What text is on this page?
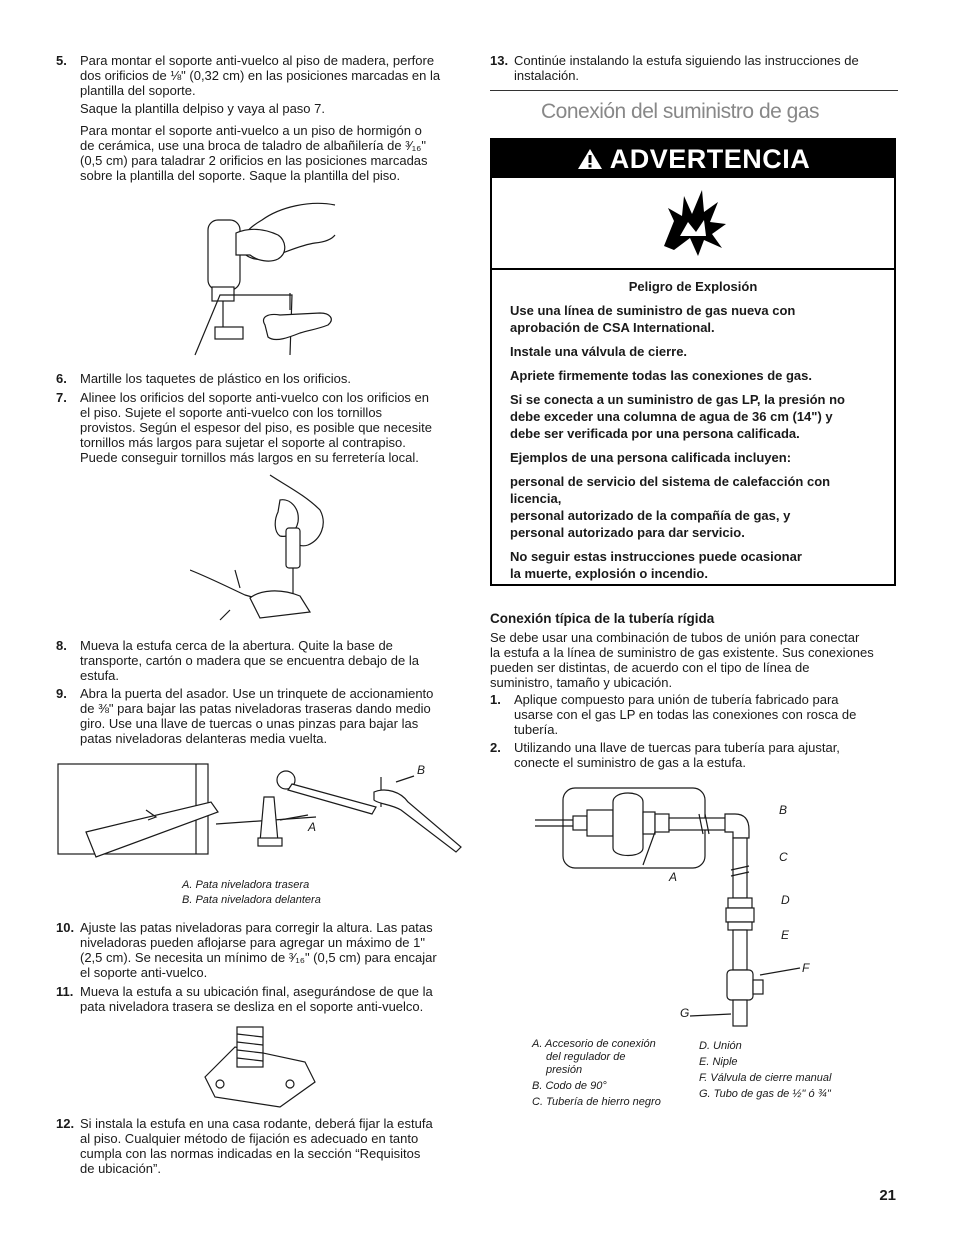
5. Para montar el soporte anti-vuelco al piso de madera, perfore
dos orificios de ⅛" (0,32 cm) en las posiciones marcadas en la
plantilla del soporte.
Saque la plantilla delpiso y vaya al paso 7.
Para montar el soporte anti-vuelco a un piso de hormigón o
de cerámica, use una broca de taladro de albañilería de ³⁄₁₆"
(0,5 cm) para taladrar 2 orificios en las posiciones marcadas
sobre la plantilla del soporte. Saque la plantilla del piso.
6. Martille los taquetes de plástico en los orificios.
7. Alinee los orificios del soporte anti-vuelco con los orificios en
el piso. Sujete el soporte anti-vuelco con los tornillos
provistos. Según el espesor del piso, es posible que necesite
tornillos más largos para sujetar el soporte al contrapiso.
Puede conseguir tornillos más largos en su ferretería local.
8. Mueva la estufa cerca de la abertura. Quite la base de
transporte, cartón o madera que se encuentra debajo de la
estufa.
9. Abra la puerta del asador. Use un trinquete de accionamiento
de ⅜" para bajar las patas niveladoras traseras dando medio
giro. Use una llave de tuercas o unas pinzas para bajar las
patas niveladoras delanteras media vuelta.
B
A
A. Pata niveladora trasera
B. Pata niveladora delantera
10. Ajuste las patas niveladoras para corregir la altura. Las patas
niveladoras pueden aflojarse para agregar un máximo de 1"
(2,5 cm). Se necesita un mínimo de ³⁄₁₆" (0,5 cm) para encajar
el soporte anti-vuelco.
11. Mueva la estufa a su ubicación final, asegurándose de que la
pata niveladora trasera se desliza en el soporte anti-vuelco.
12. Si instala la estufa en una casa rodante, deberá fijar la estufa
al piso. Cualquier método de fijación es adecuado en tanto
cumpla con las normas indicadas en la sección “Requisitos
de ubicación”.
13. Continúe instalando la estufa siguiendo las instrucciones de
instalación.
Conexión del suministro de gas
ADVERTENCIA

Peligro de Explosión

Use una línea de suministro de gas nueva con
aprobación de CSA International.

Instale una válvula de cierre.

Apriete firmemente todas las conexiones de gas.

Si se conecta a un suministro de gas LP, la presión no
debe exceder una columna de agua de 36 cm (14") y
debe ser verificada por una persona calificada.

Ejemplos de una persona calificada incluyen:

personal de servicio del sistema de calefacción con
licencia,
personal autorizado de la compañía de gas, y
personal autorizado para dar servicio.

No seguir estas instrucciones puede ocasionar
la muerte, explosión o incendio.

Conexión típica de la tubería rígida
Se debe usar una combinación de tubos de unión para conectar
la estufa a la línea de suministro de gas existente. Sus conexiones
pueden ser distintas, de acuerdo con el tipo de línea de
suministro, tamaño y ubicación.
1. Aplique compuesto para unión de tubería fabricado para
usarse con el gas LP en todas las conexiones con rosca de
tubería.
2. Utilizando una llave de tuercas para tubería para ajustar,
conecte el suministro de gas a la estufa.
B
C
A
D
E
F
G
A. Accesorio de conexión
del regulador de
presión
B. Codo de 90°
C. Tubería de hierro negro
D. Unión
E. Niple
F. Válvula de cierre manual
G. Tubo de gas de ½" ó ¾"
21
